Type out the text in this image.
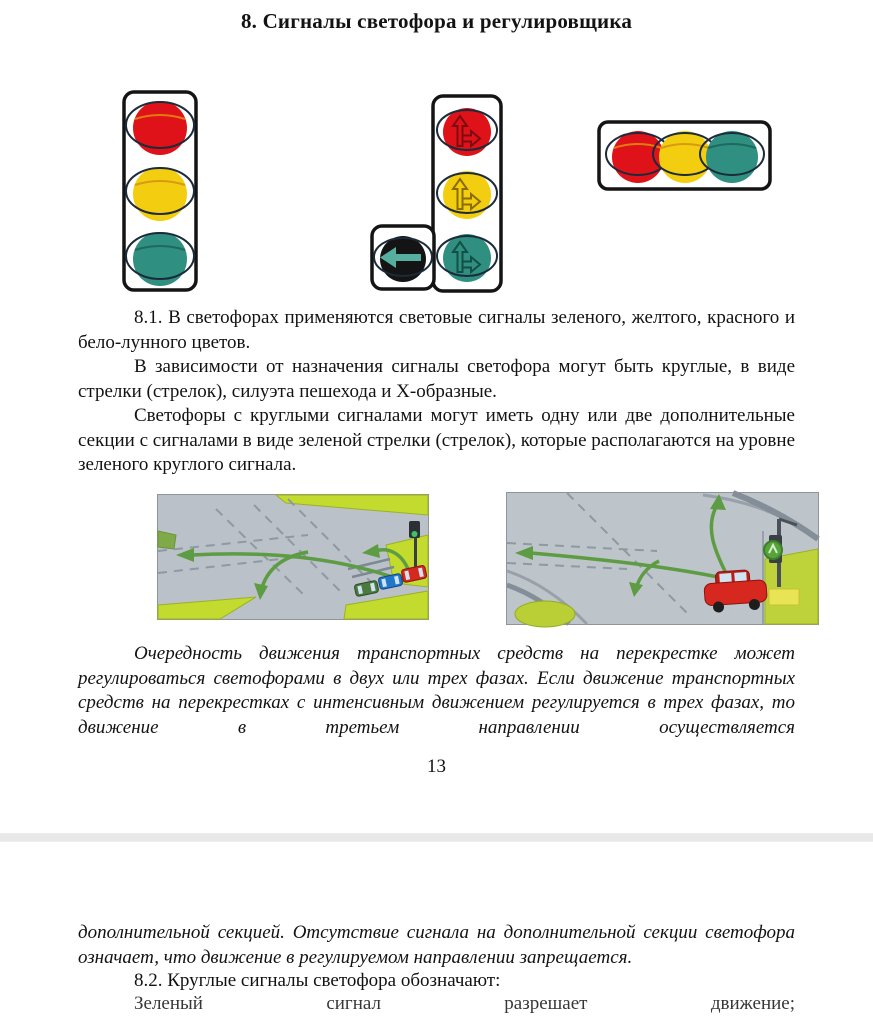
8. Сигналы светофора и регулировщика

8.1. В светофорах применяются световые сигналы зеленого, желтого, красного и бело-лунного цветов.

В зависимости от назначения сигналы светофора могут быть круглые, в виде стрелки (стрелок), силуэта пешехода и Х-образные.

Светофоры с круглыми сигналами могут иметь одну или две дополнительные секции с сигналами в виде зеленой стрелки (стрелок), которые располагаются на уровне зеленого круглого сигнала.

Очередность движения транспортных средств на перекрестке может регулироваться светофорами в двух или трех фазах. Если движение транспортных средств на перекрестках с интенсивным движением регулируется в трех фазах, то движение в третьем направлении осуществляется

13

дополнительной секцией. Отсутствие сигнала на дополнительной секции светофора означает, что движение в регулируемом направлении запрещается.

8.2. Круглые сигналы светофора обозначают:

Зеленый сигнал разрешает движение;
